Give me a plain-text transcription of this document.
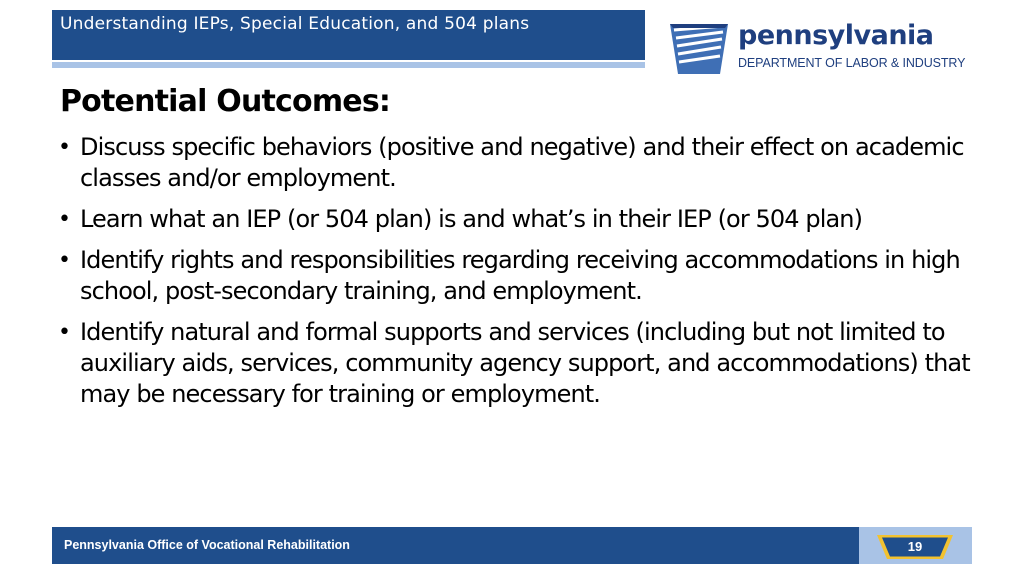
Understanding IEPs, Special Education, and 504 plans	pennsylvania
DEPARTMENT OF LABOR & INDUSTRY
Potential Outcomes:
• Discuss specific behaviors (positive and negative) and their effect on academic classes and/or employment.
• Learn what an IEP (or 504 plan) is and what’s in their IEP (or 504 plan)
• Identify rights and responsibilities regarding receiving accommodations in high school, post-secondary training, and employment.
• Identify natural and formal supports and services (including but not limited to auxiliary aids, services, community agency support, and accommodations) that may be necessary for training or employment.
Pennsylvania Office of Vocational Rehabilitation	19
